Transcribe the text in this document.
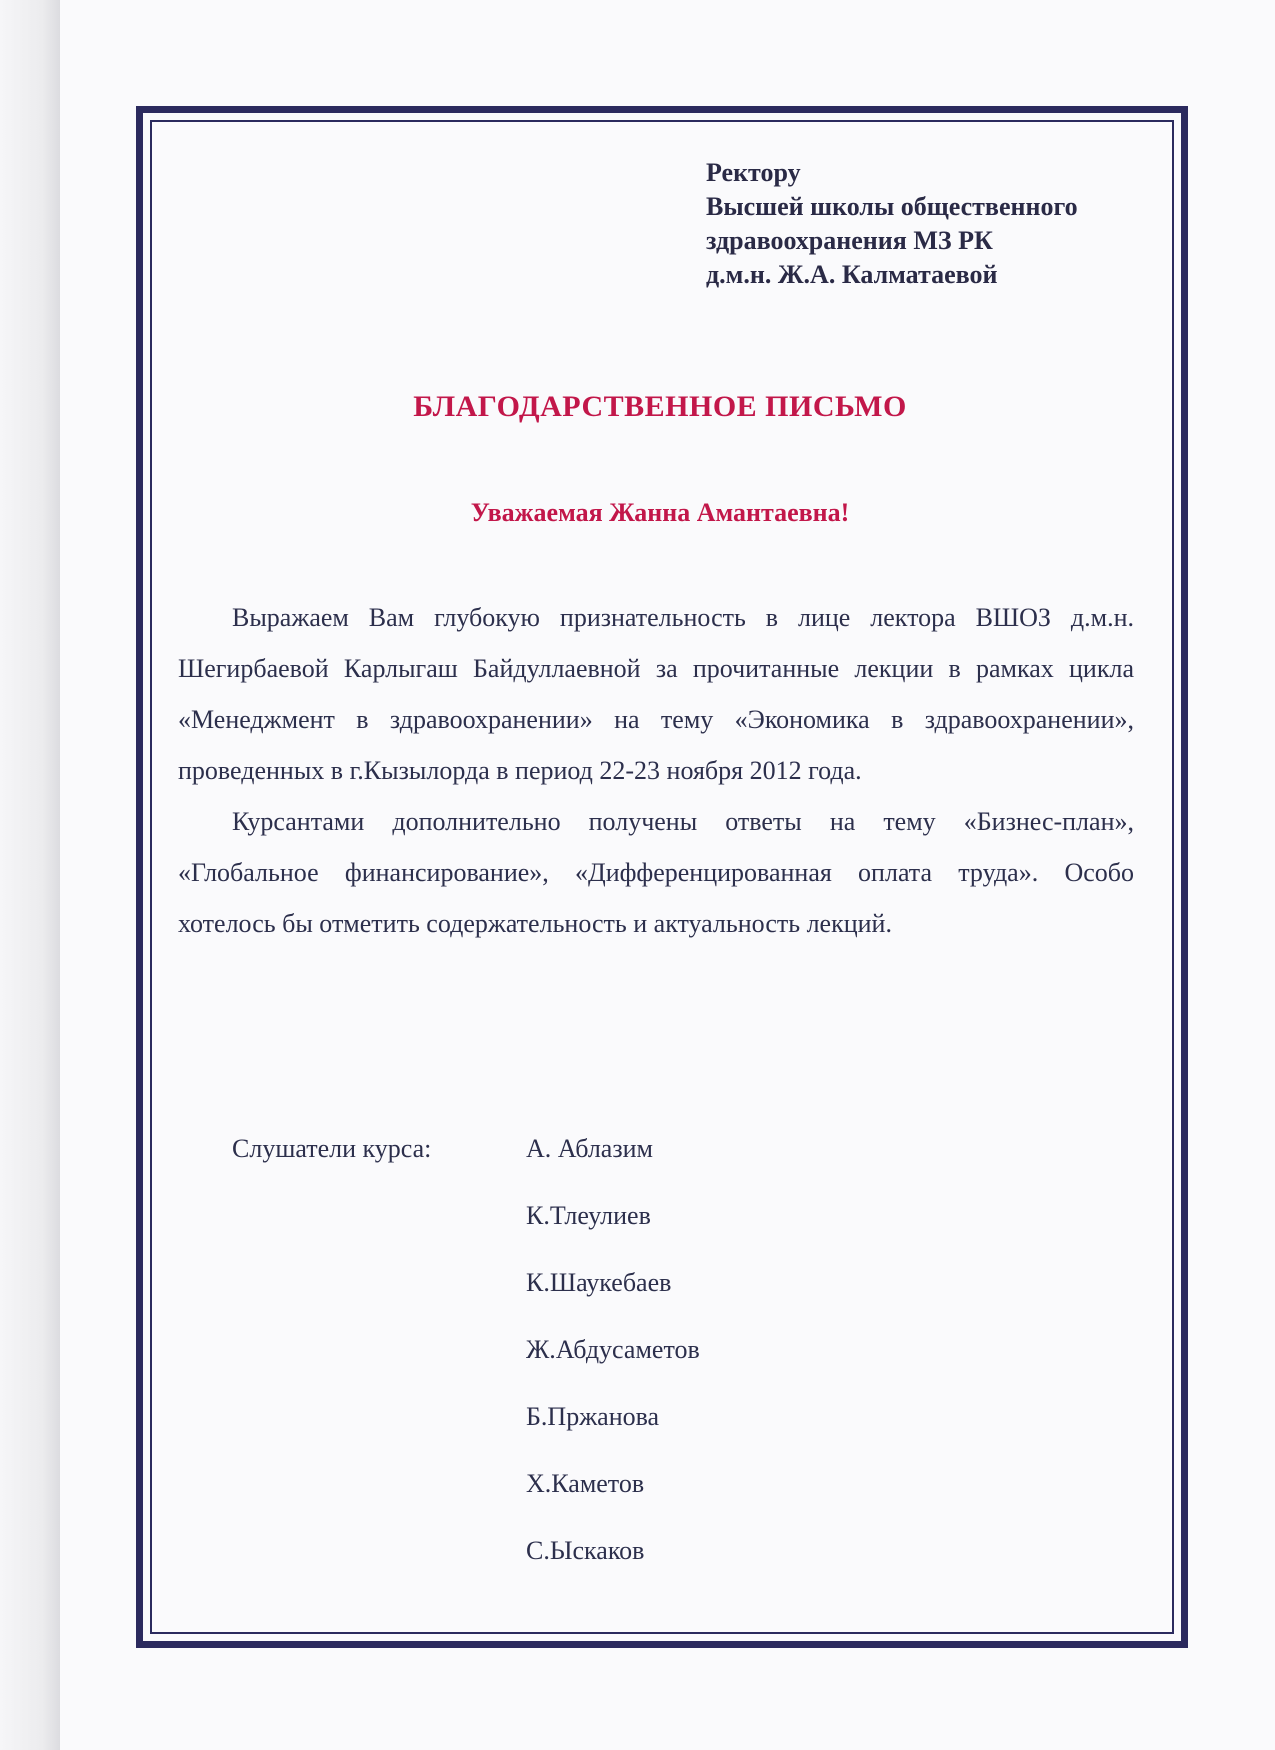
Ректору
Высшей школы общественного
здравоохранения МЗ РК
д.м.н. Ж.А. Калматаевой
БЛАГОДАРСТВЕННОЕ ПИСЬМО
Уважаемая Жанна Амантаевна!

Выражаем Вам глубокую признательность в лице лектора ВШОЗ д.м.н. Шегирбаевой Карлыгаш Байдуллаевной за прочитанные лекции в рамках цикла «Менеджмент в здравоохранении» на тему «Экономика в здравоохранении», проведенных в г.Кызылорда в период 22-23 ноября 2012 года.

Курсантами дополнительно получены ответы на тему «Бизнес-план», «Глобальное финансирование», «Дифференцированная оплата труда». Особо хотелось бы отметить содержательность и актуальность лекций.

Слушатели курса:	А. Аблазим
К.Тлеулиев
К.Шаукебаев
Ж.Абдусаметов
Б.Пржанова
Х.Каметов
С.Ыскаков
